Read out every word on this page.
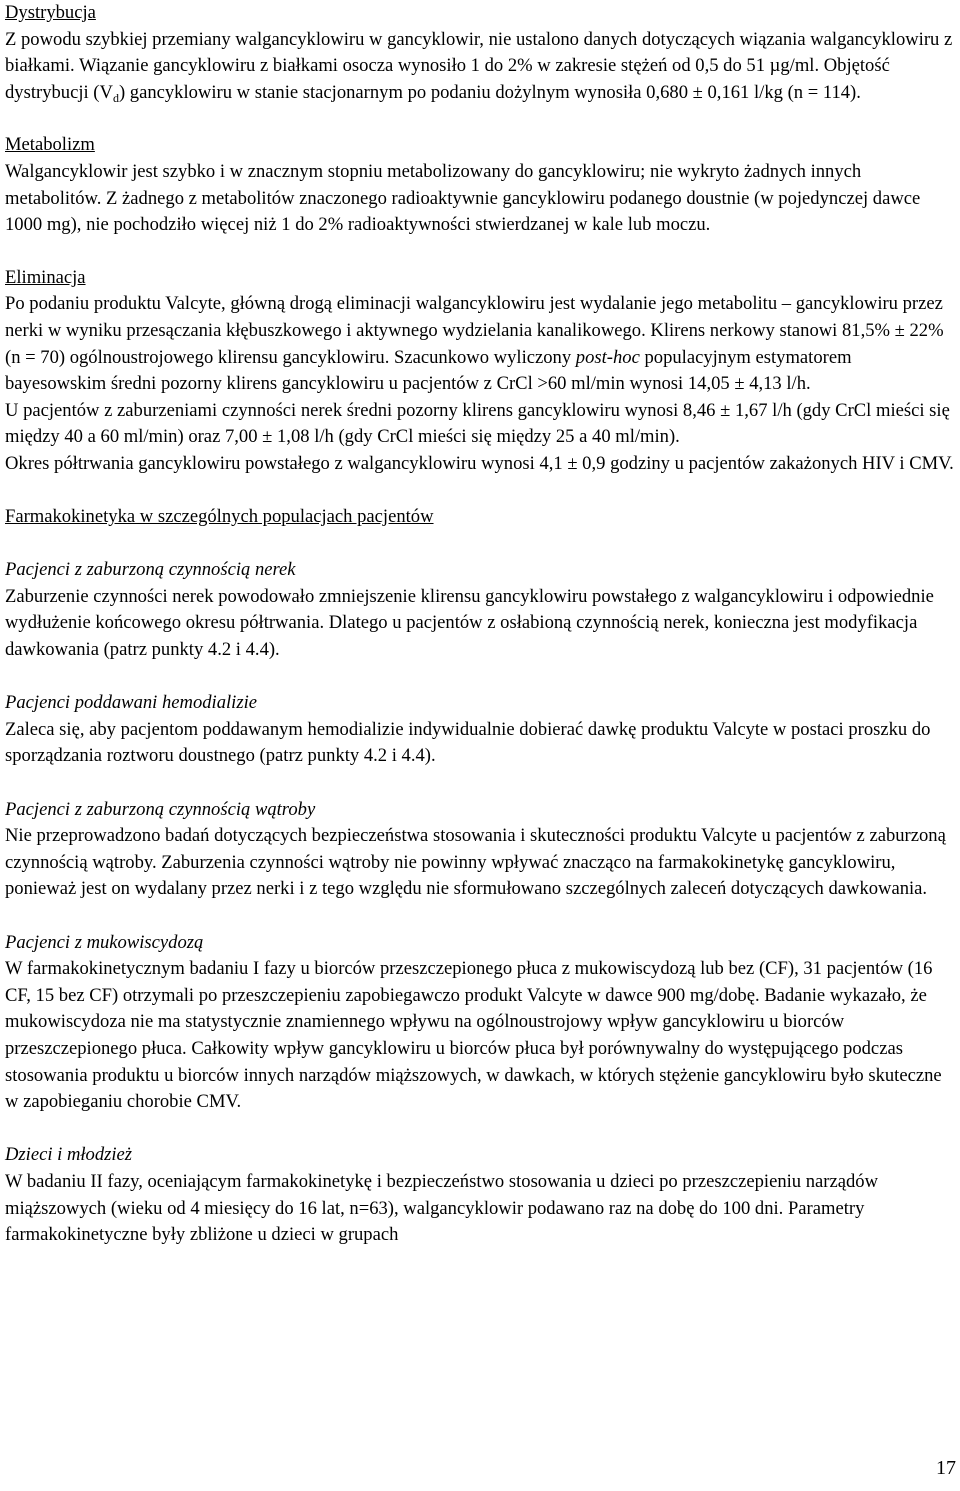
Dystrybucja

Z powodu szybkiej przemiany walgancyklowiru w gancyklowir, nie ustalono danych dotyczących wiązania walgancyklowiru z białkami. Wiązanie gancyklowiru z białkami osocza wynosiło 1 do 2% w zakresie stężeń od 0,5 do 51 µg/ml. Objętość dystrybucji $(V_d)$ gancyklowiru w stanie stacjonarnym po podaniu dożylnym wynosiła 0,680 ± 0,161 l/kg (n = 114).

Metabolizm

Walgancyklowir jest szybko i w znacznym stopniu metabolizowany do gancyklowiru; nie wykryto żadnych innych metabolitów. Z żadnego z metabolitów znaczonego radioaktywnie gancyklowiru podanego doustnie (w pojedynczej dawce 1000 mg), nie pochodziło więcej niż 1 do 2% radioaktywności stwierdzanej w kale lub moczu.

Eliminacja

Po podaniu produktu Valcyte, główną drogą eliminacji walgancyklowiru jest wydalanie jego metabolitu – gancyklowiru przez nerki w wyniku przesączania kłębuszkowego i aktywnego wydzielania kanalikowego. Klirens nerkowy stanowi 81,5% ± 22% (n = 70) ogólnoustrojowego klirensu gancyklowiru. Szacunkowo wyliczony post-hoc populacyjnym estymatorem bayesowskim średni pozorny klirens gancyklowiru u pacjentów z CrCl >60 ml/min wynosi 14,05 ± 4,13 l/h.

U pacjentów z zaburzeniami czynności nerek średni pozorny klirens gancyklowiru wynosi 8,46 ± 1,67 l/h (gdy CrCl mieści się między 40 a 60 ml/min) oraz 7,00 ± 1,08 l/h (gdy CrCl mieści się między 25 a 40 ml/min).

Okres półtrwania gancyklowiru powstałego z walgancyklowiru wynosi 4,1 ± 0,9 godziny u pacjentów zakażonych HIV i CMV.

Farmakokinetyka w szczególnych populacjach pacjentów

Pacjenci z zaburzoną czynnością nerek

Zaburzenie czynności nerek powodowało zmniejszenie klirensu gancyklowiru powstałego z walgancyklowiru i odpowiednie wydłużenie końcowego okresu półtrwania. Dlatego u pacjentów z osłabioną czynnością nerek, konieczna jest modyfikacja dawkowania (patrz punkty 4.2 i 4.4).

Pacjenci poddawani hemodializie

Zaleca się, aby pacjentom poddawanym hemodializie indywidualnie dobierać dawkę produktu Valcyte w postaci proszku do sporządzania roztworu doustnego (patrz punkty 4.2 i 4.4).

Pacjenci z zaburzoną czynnością wątroby

Nie przeprowadzono badań dotyczących bezpieczeństwa stosowania i skuteczności produktu Valcyte u pacjentów z zaburzoną czynnością wątroby. Zaburzenia czynności wątroby nie powinny wpływać znacząco na farmakokinetykę gancyklowiru, ponieważ jest on wydalany przez nerki i z tego względu nie sformułowano szczególnych zaleceń dotyczących dawkowania.

Pacjenci z mukowiscydozą

W farmakokinetycznym badaniu I fazy u biorców przeszczepionego płuca z mukowiscydozą lub bez (CF), 31 pacjentów (16 CF, 15 bez CF) otrzymali po przeszczepieniu zapobiegawczo produkt Valcyte w dawce 900 mg/dobę. Badanie wykazało, że mukowiscydoza nie ma statystycznie znamiennego wpływu na ogólnoustrojowy wpływ gancyklowiru u biorców przeszczepionego płuca. Całkowity wpływ gancyklowiru u biorców płuca był porównywalny do występującego podczas stosowania produktu u biorców innych narządów miąższowych, w dawkach, w których stężenie gancyklowiru było skuteczne w zapobieganiu chorobie CMV.

Dzieci i młodzież

W badaniu II fazy, oceniającym farmakokinetykę i bezpieczeństwo stosowania u dzieci po przeszczepieniu narządów miąższowych (wieku od 4 miesięcy do 16 lat, n=63), walgancyklowir podawano raz na dobę do 100 dni. Parametry farmakokinetyczne były zbliżone u dzieci w grupach

17
